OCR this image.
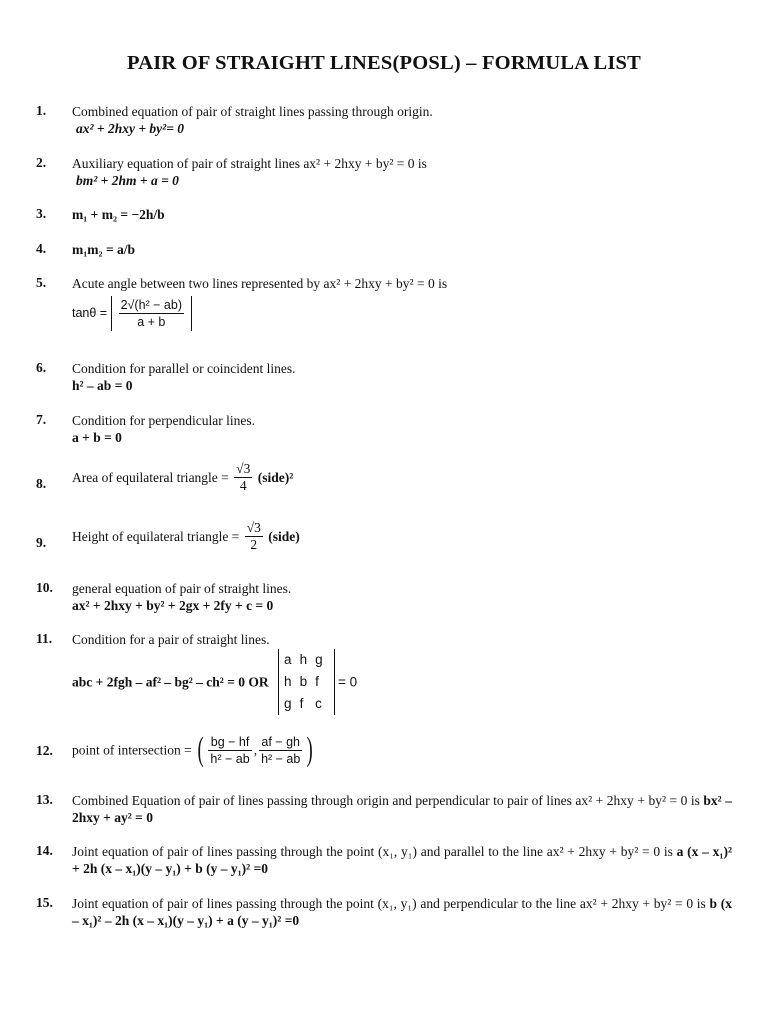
PAIR OF STRAIGHT LINES(POSL) – FORMULA LIST
1. Combined equation of pair of straight lines passing through origin.
ax² + 2hxy + by²= 0
2. Auxiliary equation of pair of straight lines ax² + 2hxy + by² = 0 is
bm² + 2hm + a = 0
3. m₁ + m₂ = −2h/b
4. m₁m₂ = a/b
5. Acute angle between two lines represented by ax² + 2hxy + by² = 0 is
$\tan\theta = \frac{\text{2√(h² − ab)}}{a + b}$
6. Condition for parallel or coincident lines.
h² – ab = 0
7. Condition for perpendicular lines.
a + b = 0
8. Area of equilateral triangle = $\frac{√3}{4}$ (side)²
9. Height of equilateral triangle = $\frac{√3}{2}$ (side)
10. general equation of pair of straight lines.
ax² + 2hxy + by² + 2gx + 2fy + c = 0
11. Condition for a pair of straight lines.
abc + 2fgh – af² – bg² – ch² = 0 OR
a	h	g
h	b	f
g	f	c
= 0
12. point of intersection = ( $\frac{bg - hf}{\text{h² − ab}}$ , $\frac{af - gh}{\text{h² − ab}}$ )
13. Combined Equation of pair of lines passing through origin and perpendicular to pair of lines ax² + 2hxy + by² = 0 is bx² – 2hxy + ay² = 0
14. Joint equation of pair of lines passing through the point (x₁, y₁) and parallel to the line ax² + 2hxy + by² = 0 is a (x – x₁)² + 2h (x – x₁)(y – y₁) + b (y – y₁)² =0
15. Joint equation of pair of lines passing through the point (x₁, y₁) and perpendicular to the line ax² + 2hxy + by² = 0 is b (x – x₁)² – 2h (x – x₁)(y – y₁) + a (y – y₁)² =0
